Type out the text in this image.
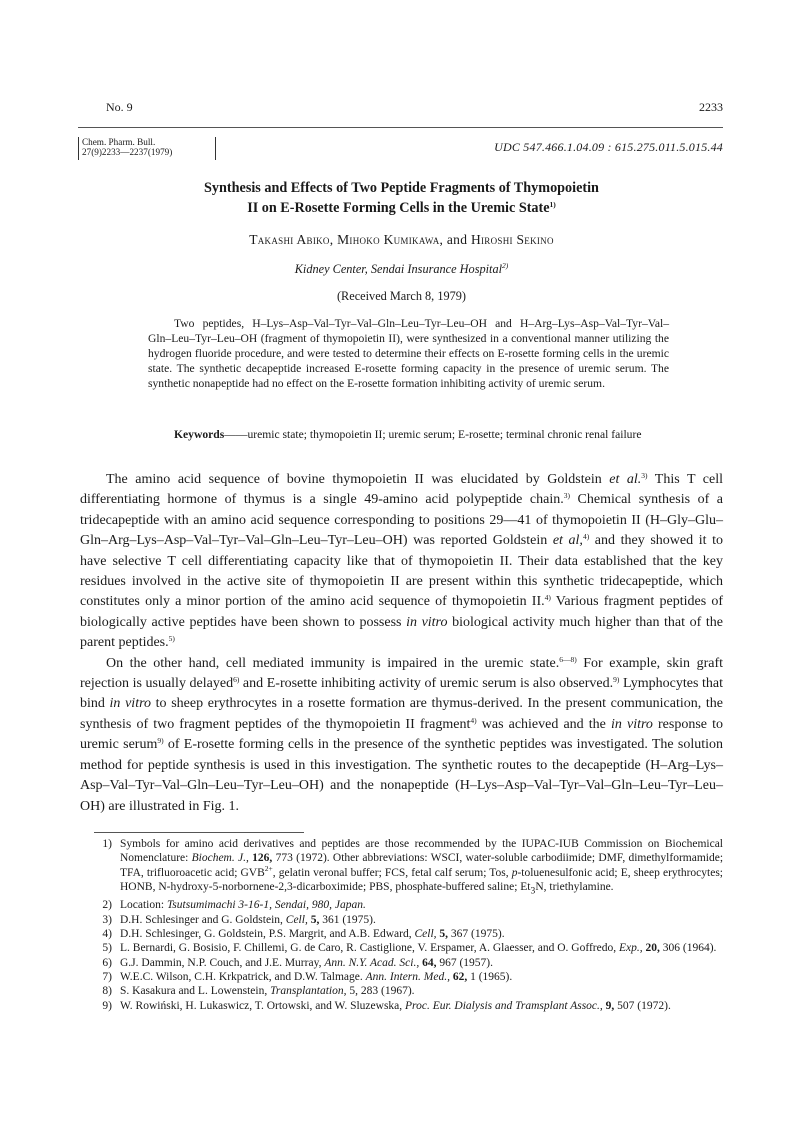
No. 9	2233
Chem. Pharm. Bull.
27(9)2233—2237(1979)	UDC 547.466.1.04.09 : 615.275.011.5.015.44
Synthesis and Effects of Two Peptide Fragments of Thymopoietin
II on E-Rosette Forming Cells in the Uremic State$^{1)}$
Takashi Abiko, Mihoko Kumikawa, and Hiroshi Sekino
Kidney Center, Sendai Insurance Hospital$^{2)}$
(Received March 8, 1979)
Two peptides, H–Lys–Asp–Val–Tyr–Val–Gln–Leu–Tyr–Leu–OH and H–Arg–Lys–Asp–Val–Tyr–Val–Gln–Leu–Tyr–Leu–OH (fragment of thymopoietin II), were synthesized in a conventional manner utilizing the hydrogen fluoride procedure, and were tested to determine their effects on E-rosette forming cells in the uremic state. The synthetic decapeptide increased E-rosette forming capacity in the presence of uremic serum. The synthetic nonapeptide had no effect on the E-rosette formation inhibiting activity of uremic serum.
Keywords——uremic state; thymopoietin II; uremic serum; E-rosette; terminal chronic renal failure

The amino acid sequence of bovine thymopoietin II was elucidated by Goldstein et al.$^{3)}$ This T cell differentiating hormone of thymus is a single 49-amino acid polypeptide chain.$^{3)}$ Chemical synthesis of a tridecapeptide with an amino acid sequence corresponding to positions 29—41 of thymopoietin II (H–Gly–Glu–Gln–Arg–Lys–Asp–Val–Tyr–Val–Gln–Leu–Tyr–Leu–OH) was reported Goldstein et al,$^{4)}$ and they showed it to have selective T cell differentiating capacity like that of thymopoietin II. Their data established that the key residues involved in the active site of thymopoietin II are present within this synthetic tridecapeptide, which constitutes only a minor portion of the amino acid sequence of thymopoietin II.$^{4)}$ Various fragment peptides of biologically active peptides have been shown to possess in vitro biological activity much higher than that of the parent peptides.$^{5)}$

On the other hand, cell mediated immunity is impaired in the uremic state.$^{6—8)}$ For example, skin graft rejection is usually delayed$^{6)}$ and E-rosette inhibiting activity of uremic serum is also observed.$^{9)}$ Lymphocytes that bind in vitro to sheep erythrocytes in a rosette formation are thymus-derived. In the present communication, the synthesis of two fragment peptides of the thymopoietin II fragment$^{4)}$ was achieved and the in vitro response to uremic serum$^{9)}$ of E-rosette forming cells in the presence of the synthetic peptides was investigated. The solution method for peptide synthesis is used in this investigation. The synthetic routes to the decapeptide (H–Arg–Lys–Asp–Val–Tyr–Val–Gln–Leu–Tyr–Leu–OH) and the nonapeptide (H–Lys–Asp–Val–Tyr–Val–Gln–Leu–Tyr–Leu–OH) are illustrated in Fig. 1.

1) Symbols for amino acid derivatives and peptides are those recommended by the IUPAC-IUB Commission on Biochemical Nomenclature: Biochem. J., 126, 773 (1972). Other abbreviations: WSCI, water-soluble carbodiimide; DMF, dimethylformamide; TFA, trifluoroacetic acid; $GVB^{2+}$, gelatin veronal buffer; FCS, fetal calf serum; Tos, p-toluenesulfonic acid; E, sheep erythrocytes; HONB, N-hydroxy-5-norbornene-2,3-dicarboximide; PBS, phosphate-buffered saline; $Et_3N$, triethylamine.
2) Location: Tsutsumimachi 3-16-1, Sendai, 980, Japan.
3) D.H. Schlesinger and G. Goldstein, Cell, 5, 361 (1975).
4) D.H. Schlesinger, G. Goldstein, P.S. Margrit, and A.B. Edward, Cell, 5, 367 (1975).
5) L. Bernardi, G. Bosisio, F. Chillemi, G. de Caro, R. Castiglione, V. Erspamer, A. Glaesser, and O. Goffredo, Exp., 20, 306 (1964).
6) G.J. Dammin, N.P. Couch, and J.E. Murray, Ann. N.Y. Acad. Sci., 64, 967 (1957).
7) W.E.C. Wilson, C.H. Krkpatrick, and D.W. Talmage. Ann. Intern. Med., 62, 1 (1965).
8) S. Kasakura and L. Lowenstein, Transplantation, 5, 283 (1967).
9) W. Rowiński, H. Lukaswicz, T. Ortowski, and W. Sluzewska, Proc. Eur. Dialysis and Tramsplant Assoc., 9, 507 (1972).
